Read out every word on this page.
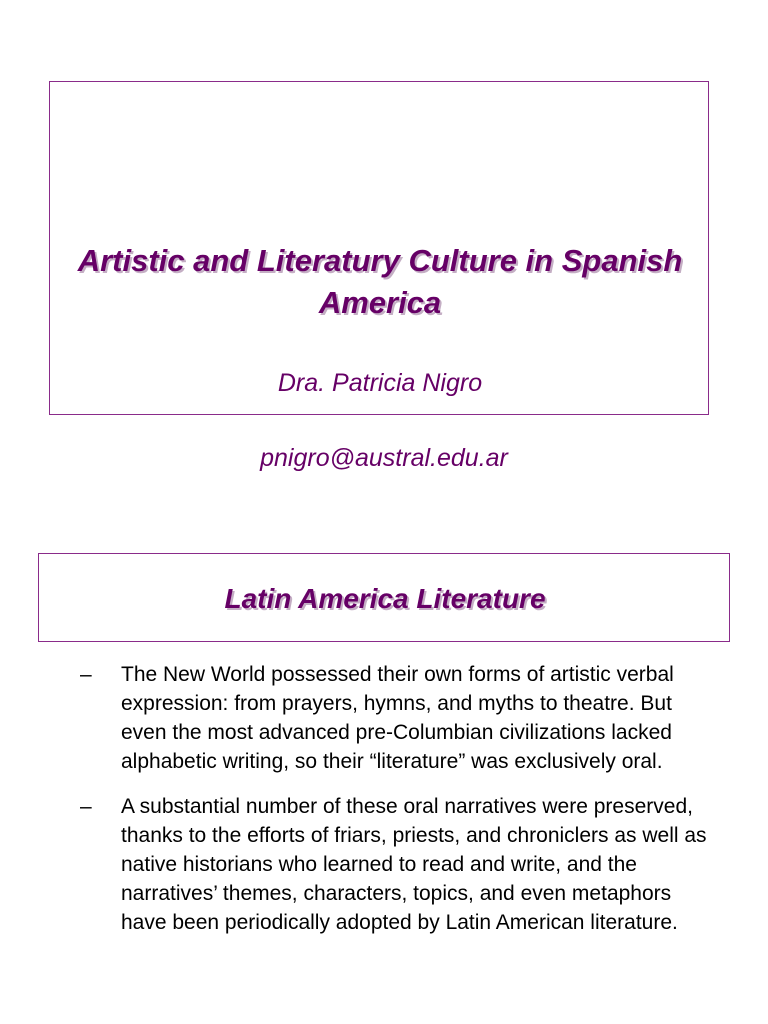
Artistic and Literatury Culture in Spanish America
Dra. Patricia Nigro
pnigro@austral.edu.ar
Latin America Literature
– The New World possessed their own forms of artistic verbal expression: from prayers, hymns, and myths to theatre. But even the most advanced pre-Columbian civilizations lacked alphabetic writing, so their “literature” was exclusively oral.
– A substantial number of these oral narratives were preserved, thanks to the efforts of friars, priests, and chroniclers as well as native historians who learned to read and write, and the narratives’ themes, characters, topics, and even metaphors have been periodically adopted by Latin American literature.
